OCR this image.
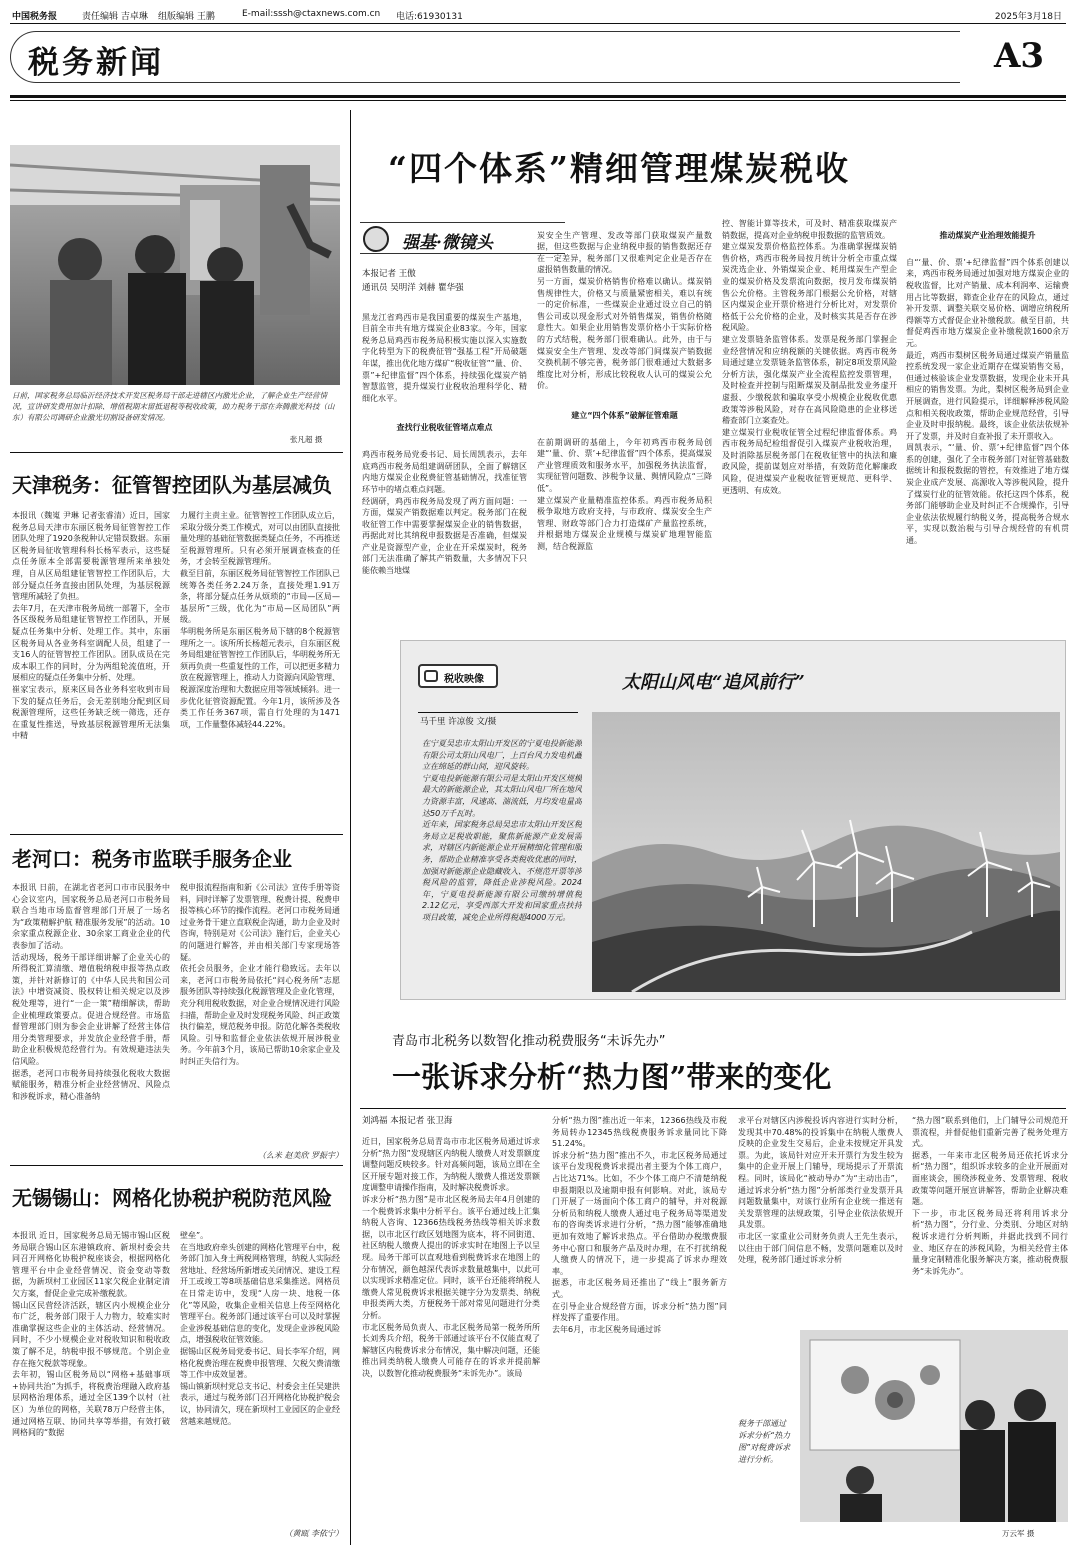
中国税务报	责任编辑 吉卓琳 组版编辑 王鹏	E-mail:sssh@ctaxnews.com.cn 电话:61930131	2025年3月18日
税务新闻	A3
日前，国家税务总局临沂经济技术开发区税务局干部走进辖区内激光企业，了解企业生产经营情况，宣讲研发费用加计扣除、增值税期末留抵退税等税收政策，助力税务干部在奔腾激光科技（山东）有限公司调研企业激光切割设备研发情况。
张凡超 摄
天津税务：征管智控团队为基层减负
本报讯（魏嵬 尹琳 记者张睿清）近日，国家税务总局天津市东丽区税务局征管智控工作团队处理了1920条税种认定错误数据。东丽区税务局征收管理科科长杨军表示，这些疑点任务原本全部需要税源管理所来单独处理，自从区局组建征管智控工作团队后，大部分疑点任务直接由团队处理，为基层税源管理所减轻了负担。
去年7月，在天津市税务局统一部署下，全市各区级税务局组建征管智控工作团队，开展疑点任务集中分析、处理工作。其中，东丽区税务局从各业务科室调配人员，组建了一支16人的征管智控工作团队。团队成员在完成本职工作的同时，分为两组轮流值班，开展相应的疑点任务集中分析、处理。
崔家宝表示，原来区局各业务科室收到市局下发的疑点任务后，会无差别地分配到区局税源管理所，这些任务缺乏统一筛选，还存在重复性推送，导致基层税源管理所无法集中精
力履行主责主业。征管智控工作团队成立后，采取分级分类工作模式，对可以由团队直接批量处理的基础征管数据类疑点任务，不再推送至税源管理所。只有必须开展调查核查的任务，才会转至税源管理所。
截至目前，东丽区税务局征管智控工作团队已统筹各类任务2.24万条，直接处理1.91万条，将部分疑点任务从烦琐的“市局—区局—基层所”三级，优化为“市局—区局团队”两级。
华明税务所是东丽区税务局下辖的8个税源管理所之一。该所所长杨超元表示，自东丽区税务局组建征管智控工作团队后，华明税务所无须再负责一些重复性的工作，可以把更多精力放在税源管理上，推动人力资源向风险管理、税源深度治理和大数据应用等领域倾斜。进一步优化征管资源配置。今年1月，该所涉及各类工作任务367项，需自行处理的为1471项，工作量整体减轻44.22%。
老河口：税务市监联手服务企业
本报讯 日前，在湖北省老河口市市民服务中心会议室内，国家税务总局老河口市税务局联合当地市场监督管理部门开展了一场名为“政策精解护航 精准服务发展”的活动。10余家重点税源企业、30余家工商业企业的代表参加了活动。
活动现场，税务干部详细讲解了企业关心的所得税汇算清缴、增值税纳税申报等热点政策，并针对新修订的《中华人民共和国公司法》中增资减资、股权转让相关规定以及涉税处理等，进行“一企一策”精细解读，帮助企业梳理政策要点。促进合规经营。市场监督管理部门则为参会企业讲解了经营主体信用分类管理要求，并发放企业经营手册，帮助企业积极规范经营行为。有效规避违法失信风险。
据悉，老河口市税务局持续强化税收大数据赋能服务，精准分析企业经营情况、风险点和涉税诉求，精心准备纳
税申报流程指南和新《公司法》宣传手册等资料，同时详解了发票管理、税费计提、税费申报等核心环节的操作流程。老河口市税务局通过业务骨干建立直联税企沟通，助力企业及时咨询，特别是对《公司法》施行后，企业关心的问题进行解答，并由相关部门专家现场答疑。
依托会员服务，企业才能行稳致远。去年以来，老河口市税务局依托“问心税务所”志愿服务团队等持续强化税源管理及企业化管理，充分利用税收数据，对企业合规情况进行风险扫描，帮助企业及时发现税务风险、纠正政策执行偏差，规范税务申报。防范化解各类税收风险。引导和监督企业依法依规开展涉税业务。今年前3个月，该局已帮助10余家企业及时纠正失信行为。
（么米 赵美欣 罗振宇）
无锡锡山：网格化协税护税防范风险
本报讯 近日，国家税务总局无锡市锡山区税务局联合锡山区东港镇政府、新坝村委会共同召开网格化协税护税座谈会，根据网格化管理平台中企业经营情况、资金变动等数据，为新坝村工业园区11家欠税企业制定清欠方案，督促企业完成补缴税款。
锡山区民营经济活跃，辖区内小规模企业分布广泛，税务部门限于人力物力，较难实时准确掌握这些企业的主体活动、经营情况。同时，不少小规模企业对税收知识和税收政策了解不足，纳税申报不够规范。个别企业存在拖欠税款等现象。
去年初，锡山区税务局以“网格+基础事项+协同共治”为抓手，将税费治理融入政府基层网格治理体系，通过全区139个以村（社区）为单位的网格，关联78万户经营主体，通过网格互联、协同共享等举措，有效打破网格间的“数据
壁垒”。
在当地政府牵头创建的网格化管理平台中，税务部门加入身土两税网格管理，纳税人实际经营地址、经营场所新增或关闭情况、建设工程开工或竣工等8项基础信息采集推送。网格员在日常走访中，发现“人房一块、地税一体化”等风险，收集企业相关信息上传至网格化管理平台。税务部门通过该平台可以及时掌握企业涉税基础信息的变化，发现企业涉税风险点，增强税收征管效能。
据锡山区税务局党委书记、局长李军介绍，网格化税费治理在税费申报管理、欠税欠费清缴等工作中成效显著。
锡山镇新坝村党总支书记、村委会主任吴建洪表示，通过与税务部门召开网格化协税护税会议，协同清欠，现在新坝村工业园区的企业经营越来越规范。
（黄瓯 李依宁）
“四个体系”精细管理煤炭税收
强基·微镜头
本报记者 王傲
通讯员 吴明洋 刘赫 瞿华强

黑龙江省鸡西市是我国重要的煤炭生产基地，目前全市共有地方煤炭企业83家。今年，国家税务总局鸡西市税务局积极实施以深入实施数字化转型为下的税费征管“强基工程”开局破题年谋，推出优化地方煤矿“税收征管”“量、价、票”+纪律监督”四个体系，持续强化煤炭产销智慧监管，提升煤炭行业税收治理科学化、精细化水平。

查找行业税收征管堵点难点

鸡西市税务局党委书记、局长周凯表示，去年底鸡西市税务局组建调研团队，全面了解辖区内地方煤炭企业税费征管基础情况，找准征管环节中的堵点难点问题。
经调研，鸡西市税务局发现了两方面问题：一方面，煤炭产销数据难以判定。税务部门在税收征管工作中需要掌握煤炭企业的销售数据，再据此对比其纳税申报数据是否准确，但煤炭产业是资源型产业，企业在开采煤炭时，税务部门无法准确了解其产销数量，大多情况下只能依赖当地煤

炭安全生产管理、发改等部门获取煤炭产量数据，但这些数据与企业纳税申报的销售数据还存在一定差异，税务部门又很难判定企业是否存在虚报销售数量的情况。
另一方面，煤炭价格销售价格难以确认。煤炭销售规律性大，价格又与质量紧密相关，难以有统一的定价标准，一些煤炭企业通过设立自己的销售公司或以现金形式对外销售煤炭，销售价格随意性大。如果企业用销售发票价格小于实际价格的方式结税，税务部门很难确认。此外，由于与煤炭安全生产管理、发改等部门间煤炭产销数据交换机制不够完善，税务部门很难通过大数据多维度比对分析，形成比较税收人认可的煤炭公允价。

建立“四个体系”破解征管难题

在前期调研的基础上，今年初鸡西市税务局创建“‘量、价、票’+纪律监督”四个体系，提高煤炭产业管理质效和服务水平，加强税务执法监督，实现征管问题数、涉税争议量、舆情风险点“三降低”。
建立煤炭产业量精准监控体系。鸡西市税务局积极争取地方政府支持，与市政府、煤炭安全生产管理、财政等部门合力打造煤矿产量监控系统，并根据地方煤炭企业规模与煤炭矿地理智能监测，结合税源监

控、智能计算等技术，可及时、精准获取煤炭产销数据，提高对企业纳税申报数据的监管质效。
建立煤炭发票价格监控体系。为准确掌握煤炭销售价格，鸡西市税务局按月统计分析全市重点煤炭洗选企业、外销煤炭企业、耗用煤炭生产型企业的煤炭价格及发票流向数据，按月发布煤炭销售公允价格。主管税务部门根据公允价格，对辖区内煤炭企业开票价格进行分析比对，对发票价格低于公允价格的企业，及时核实其是否存在涉税风险。
建立发票链条监管体系。发票是税务部门掌握企业经营情况和应纳税额的关键依据。鸡西市税务局通过建立发票链条监管体系，制定8项发票风险分析方法，强化煤炭产业全流程监控发票管理，及时检查并控制与阻断煤炭及制品批发业务虚开虚报、少缴税款和骗取享受小规模企业税收优惠政策等涉税风险，对存在高风险隐患的企业移送稽查部门立案查处。
建立煤炭行业税收征管全过程纪律监督体系。鸡西市税务局纪检组督促引入煤炭产业税收治理，及时消除基层税务部门在税收征管中的执法和廉政风险，提前谋划应对举措，有效防范化解廉政风险，促进煤炭产业税收征管更规范、更科学、更透明、有成效。

推动煤炭产业治理效能提升

自“‘量、价、票’+纪律监督”四个体系创建以来，鸡西市税务局通过加强对地方煤炭企业的税收监督，比对产销量、成本利润率、运输费用占比等数据，筛查企业存在的风险点，通过补开发票、调整关联交易价格、调增应纳税所得额等方式督促企业补缴税款。截至目前，共督促鸡西市地方煤炭企业补缴税款1600余万元。
最近，鸡西市梨树区税务局通过煤炭产销量监控系统发现一家企业近期存在煤炭销售交易，但通过核验该企业发票数据，发现企业未开具相应的销售发票。为此，梨树区税务局到企业开展调查，进行风险提示，详细解释涉税风险点和相关税收政策，帮助企业规范经营，引导企业及时申报纳税。最终，该企业依法依规补开了发票，并及时自查补报了未开票收入。
周凯表示，“‘量、价、票’+纪律监督”四个体系的创建，强化了全市税务部门对征管基础数据统计和报税数据的管控，有效推进了地方煤炭企业成产发展、高源收入等涉税风险，提升了煤炭行业的征管效能。依托这四个体系，税务部门能够助企业及时纠正不合规操作，引导企业依法依规履行纳税义务，提高税务合规水平，实现以数治税与引导合规经营的有机贯通。

税收映像	太阳山风电“追风前行”
马千里 许凉俊 文/摄
在宁夏吴忠市太阳山开发区的宁夏电投新能源有限公司太阳山风电厂，上百台风力发电机矗立在绵延的群山间，迎风旋转。
宁夏电投新能源有限公司是太阳山开发区规模最大的新能源企业，其太阳山风电厂所在地风力资源丰富，风速高、湍流低，月均发电量高达50万千瓦时。
近年来，国家税务总局吴忠市太阳山开发区税务局立足税收职能，聚焦新能源产业发展需求，对辖区内新能源企业开展精细化管理和服务，帮助企业精准享受各类税收优惠的同时，加强对新能源企业隐藏收入、不规范开票等涉税风险的监管，降低企业涉税风险。2024年，宁夏电投新能源有限公司缴纳增值税2.12亿元，享受西部大开发和国家重点扶持项目政策，减免企业所得税超4000万元。
青岛市北税务以数智化推动税费服务“未诉先办”
一张诉求分析“热力图”带来的变化
刘鸿福 本报记者 张卫海
近日，国家税务总局青岛市市北区税务局通过诉求分析“热力图”发现辖区内纳税人缴费人对发票额度调整问题反映较多。针对高频问题，该局立即在全区开展专题对接工作，为纳税人缴费人推送发票额度调整申请操作指南，及时解决税费诉求。
诉求分析“热力图”是市北区税务局去年4月创建的一个税费诉求集中分析平台。该平台通过线上汇集纳税人咨询、12366热线税务热线等相关诉求数据，以市北区行政区划地图为底本，将不同街道、社区纳税人缴费人提出的诉求实时在地图上予以呈现。局务干部可以直观地看到税费诉求在地图上的分布情况，颜色越深代表诉求数量越集中，以此可以实现诉求精准定位。同时，该平台还能将纳税人缴费人常见税费诉求根据关键字分为发票类、纳税申报类两大类，方便税务干部对常见问题进行分类分析。
市北区税务局负责人、市北区税务局第一税务所所长刘秀兵介绍，税务干部通过该平台不仅能直观了解辖区内税费诉求分布情况，集中解决问题，还能推出同类纳税人缴费人可能存在的诉求并提前解决，以数智化推动税费服务“未诉先办”。该局
分析“热力图”推出近一年来，12366热线及市税务局转办12345热线税费服务诉求量同比下降51.24%。
诉求分析“热力图”推出不久，市北区税务局通过该平台发现税费诉求提出者主要为个体工商户，占比达71%。比如，不少个体工商户不清楚纳税申报期限以及逾期申报有何影响。对此，该局专门开展了一场面向个体工商户的辅导，并对税源分析员和纳税人缴费人通过电子税务局等渠道发布的咨询类诉求进行分析，“热力图”能够准确地更加有效地了解诉求热点。平台借助办税缴费服务中心窗口和服务产品及时办理，在不打扰纳税人缴费人的情况下，进一步提高了诉求办理效率。
据悉，市北区税务局还推出了“线上”服务新方式。
在引导企业合规经营方面，诉求分析“热力图”同样发挥了重要作用。
去年6月，市北区税务局通过诉
求平台对辖区内涉税投诉内容进行实时分析，发现其中70.48%的投诉集中在纳税人缴费人反映的企业发生交易后，企业未按规定开具发票。为此，该局针对应开未开票行为发生较为集中的企业开展上门辅导，现场提示了开票流程。同时，该局化“被动导办”为“主动出击”，通过诉求分析“热力图”分析部类行业发票开具问题数量集中，对该行业所有企业统一推送有关发票管理的法规政策，引导企业依法依规开具发票。
市北区一家重业公司财务负责人王先生表示，以往由于部门间信息不畅，发票问题难以及时处理，税务部门通过诉求分析
“热力图”联系到他们，上门辅导公司规范开票流程，并督促他们重新完善了税务处理方式。
据悉，一年来市北区税务局还依托诉求分析“热力图”，组织诉求较多的企业开展面对面座谈会，围绕涉税业务、发票管理、税收政策等问题开展宣讲解答，帮助企业解决难题。
下一步，市北区税务局还将利用诉求分析“热力图”，分行业、分类别、分地区对纳税诉求进行分析判断，并据此找到不同行业、地区存在的涉税风险，为相关经营主体量身定制精准化服务解决方案，推动税费服务“未诉先办”。
税务干部通过诉求分析“热力图”对税费诉求进行分析。
万云军 摄
